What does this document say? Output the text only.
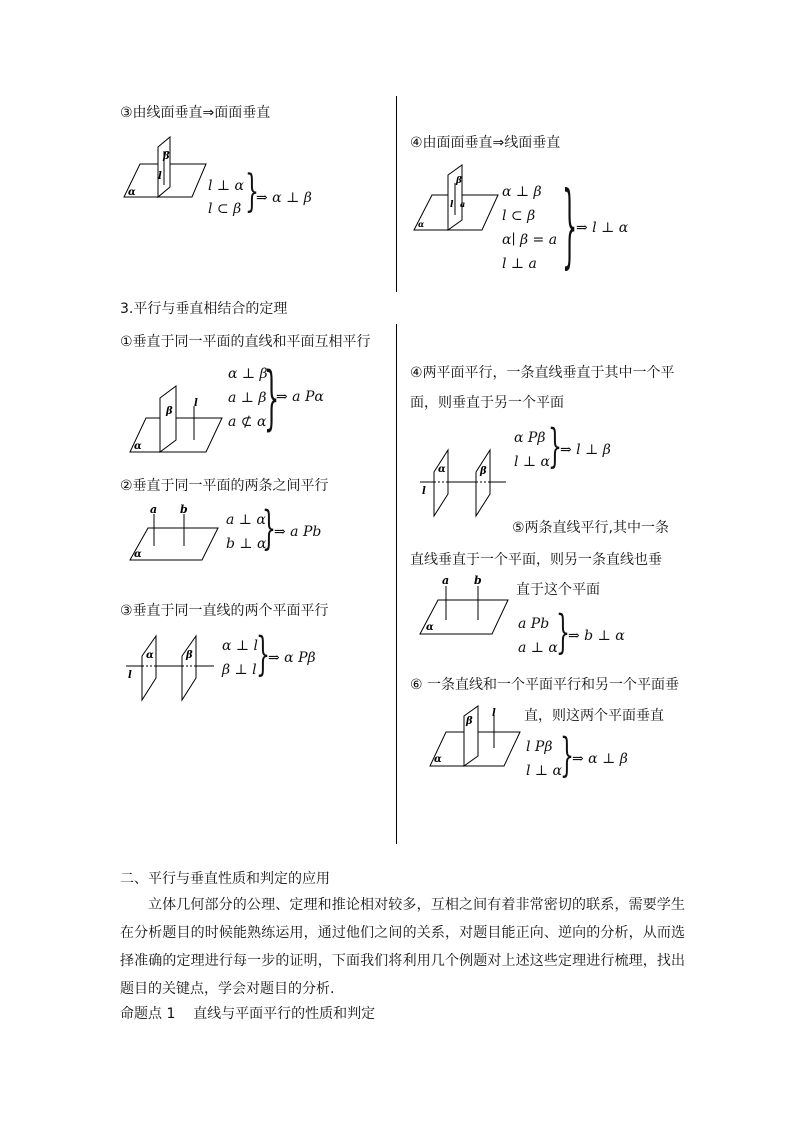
③由线面垂直⇒面面垂直
β
l
α	l ⊥ α
l ⊂ β }
⇒ α ⊥ β
④由面面垂直⇒线面垂直
β
l a
α
α ⊥ β
l ⊂ β
α∣ β = a
l ⊥ a }
⇒ l ⊥ α
3.平行与垂直相结合的定理
①垂直于同一平面的直线和平面互相平行
β
l
α
α ⊥ β
a ⊥ β
a ⊄ α
}
⇒ a Pα
②垂直于同一平面的两条之间平行
a b
α
a ⊥ α
b ⊥ α
}
⇒ a Pb
③垂直于同一直线的两个平面平行
α	β
l
α ⊥ l
β ⊥ l }
⇒ α Pβ
④两平面平行，一条直线垂直于其中一个平
面，则垂直于另一个平面
α	β
l
α Pβ
l ⊥ α
}
⇒ l ⊥ β
⑤两条直线平行,其中一条
直线垂直于一个平面，则另一条直线也垂
a b
α
直于这个平面
a Pb
a ⊥ α
}
⇒ b ⊥ α
⑥ 一条直线和一个平面平行和另一个平面垂
β
l
α
直，则这两个平面垂直
l Pβ
l ⊥ α
}
⇒ α ⊥ β
二、平行与垂直性质和判定的应用
立体几何部分的公理、定理和推论相对较多，互相之间有着非常密切的联系，需要学生在分析题目的时候能熟练运用，通过他们之间的关系，对题目能正向、逆向的分析，从而选择准确的定理进行每一步的证明，下面我们将利用几个例题对上述这些定理进行梳理，找出题目的关键点，学会对题目的分析.
命题点 1    直线与平面平行的性质和判定
